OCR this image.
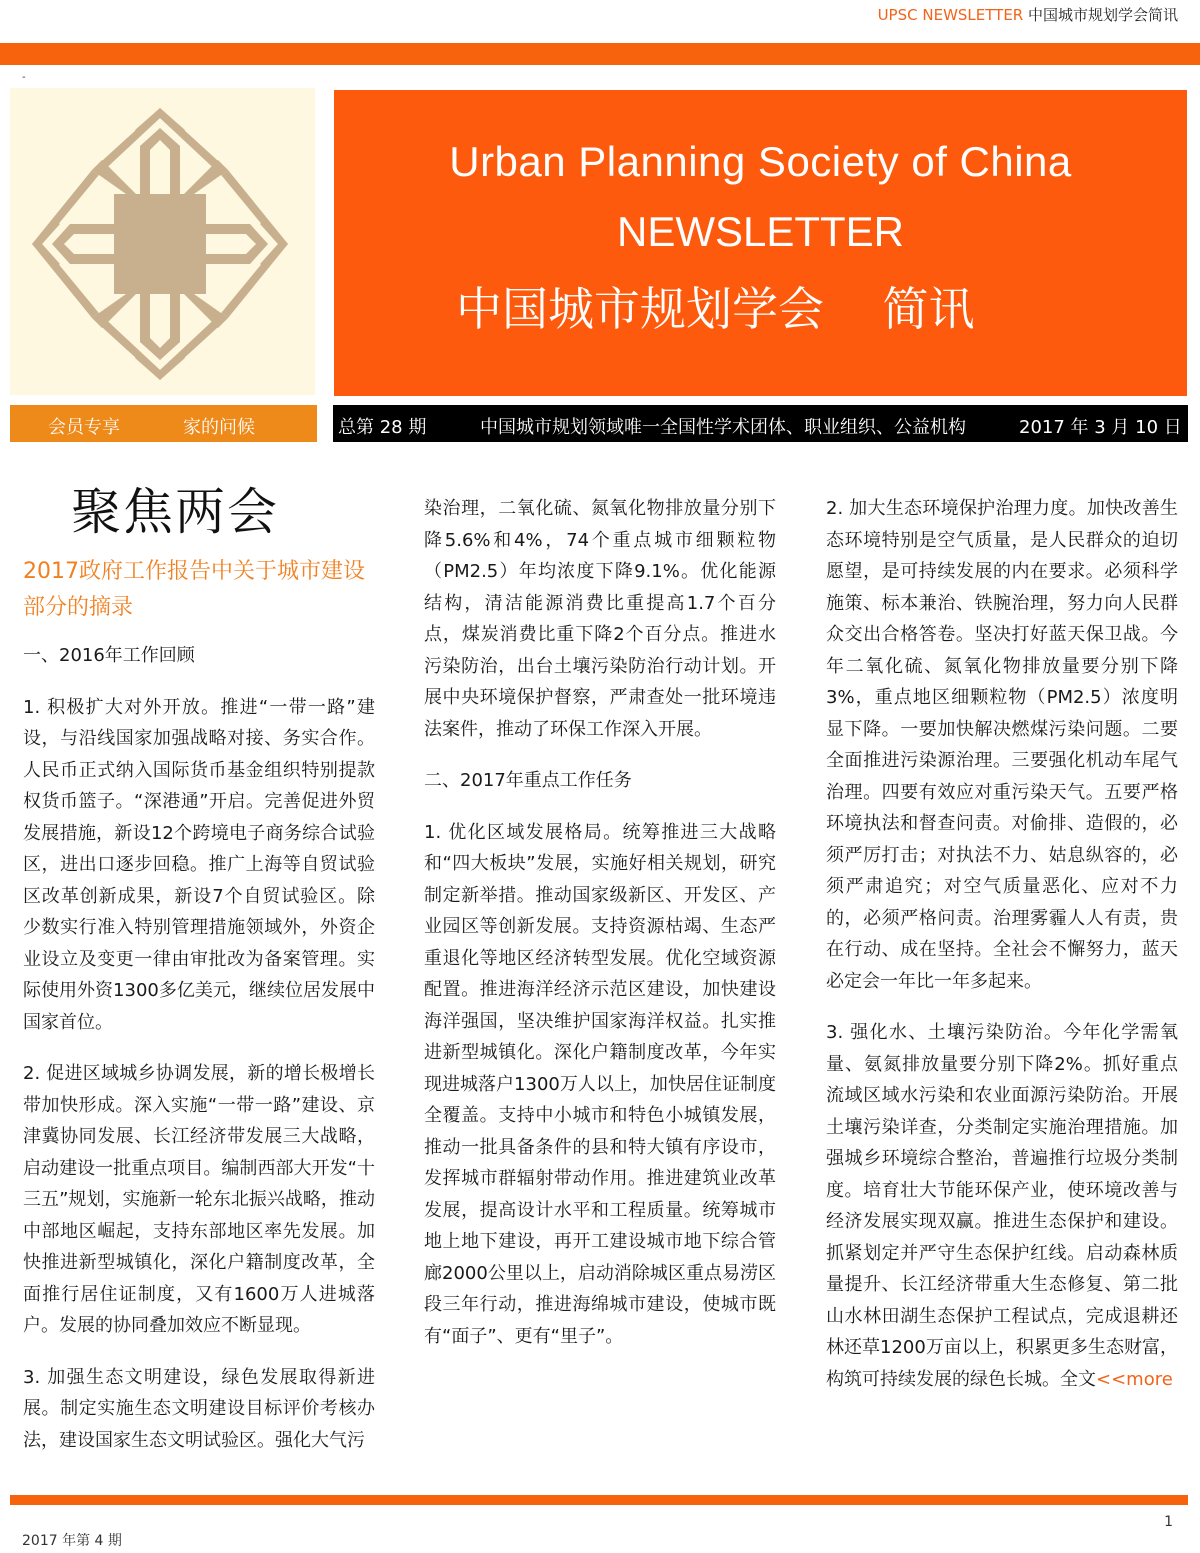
UPSC NEWSLETTER 中国城市规划学会简讯
-
Urban Planning Society of China
NEWSLETTER
中国城市规划学会    简讯
会员专享	家的问候	总第 28 期	中国城市规划领域唯一全国性学术团体、职业组织、公益机构	2017 年 3 月 10 日
聚焦两会
2017政府工作报告中关于城市建设部分的摘录

一、2016年工作回顾

1. 积极扩大对外开放。推进“一带一路”建设，与沿线国家加强战略对接、务实合作。人民币正式纳入国际货币基金组织特别提款权货币篮子。“深港通”开启。完善促进外贸发展措施，新设12个跨境电子商务综合试验区，进出口逐步回稳。推广上海等自贸试验区改革创新成果，新设7个自贸试验区。除少数实行准入特别管理措施领域外，外资企业设立及变更一律由审批改为备案管理。实际使用外资1300多亿美元，继续位居发展中国家首位。

2. 促进区域城乡协调发展，新的增长极增长带加快形成。深入实施“一带一路”建设、京津冀协同发展、长江经济带发展三大战略，启动建设一批重点项目。编制西部大开发“十三五”规划，实施新一轮东北振兴战略，推动中部地区崛起，支持东部地区率先发展。加快推进新型城镇化，深化户籍制度改革，全面推行居住证制度，又有1600万人进城落户。发展的协同叠加效应不断显现。

3. 加强生态文明建设，绿色发展取得新进展。制定实施生态文明建设目标评价考核办法，建设国家生态文明试验区。强化大气污

染治理，二氧化硫、氮氧化物排放量分别下降5.6%和4%，74个重点城市细颗粒物（PM2.5）年均浓度下降9.1%。优化能源结构，清洁能源消费比重提高1.7个百分点，煤炭消费比重下降2个百分点。推进水污染防治，出台土壤污染防治行动计划。开展中央环境保护督察，严肃查处一批环境违法案件，推动了环保工作深入开展。

二、2017年重点工作任务

1. 优化区域发展格局。统筹推进三大战略和“四大板块”发展，实施好相关规划，研究制定新举措。推动国家级新区、开发区、产业园区等创新发展。支持资源枯竭、生态严重退化等地区经济转型发展。优化空域资源配置。推进海洋经济示范区建设，加快建设海洋强国，坚决维护国家海洋权益。扎实推进新型城镇化。深化户籍制度改革，今年实现进城落户1300万人以上，加快居住证制度全覆盖。支持中小城市和特色小城镇发展，推动一批具备条件的县和特大镇有序设市，发挥城市群辐射带动作用。推进建筑业改革发展，提高设计水平和工程质量。统筹城市地上地下建设，再开工建设城市地下综合管廊2000公里以上，启动消除城区重点易涝区段三年行动，推进海绵城市建设，使城市既有“面子”、更有“里子”。

2. 加大生态环境保护治理力度。加快改善生态环境特别是空气质量，是人民群众的迫切愿望，是可持续发展的内在要求。必须科学施策、标本兼治、铁腕治理，努力向人民群众交出合格答卷。坚决打好蓝天保卫战。今年二氧化硫、氮氧化物排放量要分别下降3%，重点地区细颗粒物（PM2.5）浓度明显下降。一要加快解决燃煤污染问题。二要全面推进污染源治理。三要强化机动车尾气治理。四要有效应对重污染天气。五要严格环境执法和督查问责。对偷排、造假的，必须严厉打击；对执法不力、姑息纵容的，必须严肃追究；对空气质量恶化、应对不力的，必须严格问责。治理雾霾人人有责，贵在行动、成在坚持。全社会不懈努力，蓝天必定会一年比一年多起来。

3. 强化水、土壤污染防治。今年化学需氧量、氨氮排放量要分别下降2%。抓好重点流域区域水污染和农业面源污染防治。开展土壤污染详查，分类制定实施治理措施。加强城乡环境综合整治，普遍推行垃圾分类制度。培育壮大节能环保产业，使环境改善与经济发展实现双赢。推进生态保护和建设。抓紧划定并严守生态保护红线。启动森林质量提升、长江经济带重大生态修复、第二批山水林田湖生态保护工程试点，完成退耕还林还草1200万亩以上，积累更多生态财富，构筑可持续发展的绿色长城。全文<<more

1
2017 年第 4 期
